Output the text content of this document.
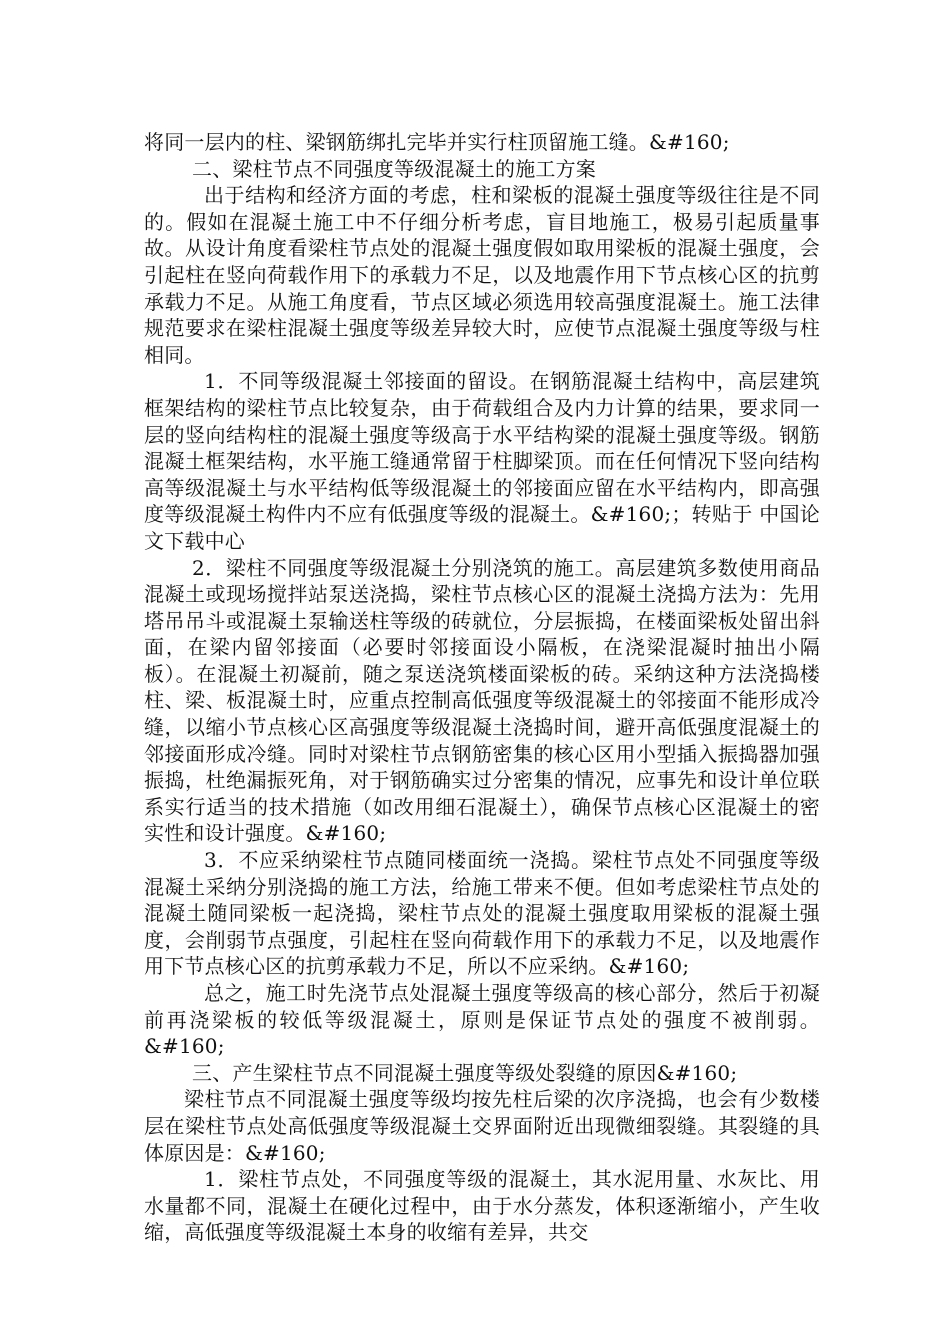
将同一层内的柱、梁钢筋绑扎完毕并实行柱顶留施工缝。&#160;

二、梁柱节点不同强度等级混凝土的施工方案

出于结构和经济方面的考虑，柱和梁板的混凝土强度等级往往是不同的。假如在混凝土施工中不仔细分析考虑，盲目地施工，极易引起质量事故。从设计角度看梁柱节点处的混凝土强度假如取用梁板的混凝土强度，会引起柱在竖向荷载作用下的承载力不足，以及地震作用下节点核心区的抗剪承载力不足。从施工角度看，节点区域必须选用较高强度混凝土。施工法律规范要求在梁柱混凝土强度等级差异较大时，应使节点混凝土强度等级与柱相同。

1．不同等级混凝土邻接面的留设。在钢筋混凝土结构中，高层建筑框架结构的梁柱节点比较复杂，由于荷载组合及内力计算的结果，要求同一层的竖向结构柱的混凝土强度等级高于水平结构梁的混凝土强度等级。钢筋混凝土框架结构，水平施工缝通常留于柱脚梁顶。而在任何情况下竖向结构高等级混凝土与水平结构低等级混凝土的邻接面应留在水平结构内，即高强度等级混凝土构件内不应有低强度等级的混凝土。&#160;；转贴于 中国论文下载中心

2．梁柱不同强度等级混凝土分别浇筑的施工。高层建筑多数使用商品混凝土或现场搅拌站泵送浇捣，梁柱节点核心区的混凝土浇捣方法为：先用塔吊吊斗或混凝土泵输送柱等级的砖就位，分层振捣，在楼面梁板处留出斜面，在梁内留邻接面（必要时邻接面设小隔板，在浇梁混凝时抽出小隔板）。在混凝土初凝前，随之泵送浇筑楼面梁板的砖。采纳这种方法浇捣楼柱、梁、板混凝土时，应重点控制高低强度等级混凝土的邻接面不能形成冷缝，以缩小节点核心区高强度等级混凝土浇捣时间，避开高低强度混凝土的邻接面形成冷缝。同时对梁柱节点钢筋密集的核心区用小型插入振捣器加强振捣，杜绝漏振死角，对于钢筋确实过分密集的情况，应事先和设计单位联系实行适当的技术措施（如改用细石混凝土），确保节点核心区混凝土的密实性和设计强度。&#160;

3．不应采纳梁柱节点随同楼面统一浇捣。梁柱节点处不同强度等级混凝土采纳分别浇捣的施工方法，给施工带来不便。但如考虑梁柱节点处的混凝土随同梁板一起浇捣，梁柱节点处的混凝土强度取用梁板的混凝土强度，会削弱节点强度，引起柱在竖向荷载作用下的承载力不足，以及地震作用下节点核心区的抗剪承载力不足，所以不应采纳。&#160;

总之，施工时先浇节点处混凝土强度等级高的核心部分，然后于初凝前再浇梁板的较低等级混凝土，原则是保证节点处的强度不被削弱。&#160;

三、产生梁柱节点不同混凝土强度等级处裂缝的原因&#160;

梁柱节点不同混凝土强度等级均按先柱后梁的次序浇捣，也会有少数楼层在梁柱节点处高低强度等级混凝土交界面附近出现微细裂缝。其裂缝的具体原因是：&#160;

1．梁柱节点处，不同强度等级的混凝土，其水泥用量、水灰比、用水量都不同，混凝土在硬化过程中，由于水分蒸发，体积逐渐缩小，产生收缩，高低强度等级混凝土本身的收缩有差异，共交
